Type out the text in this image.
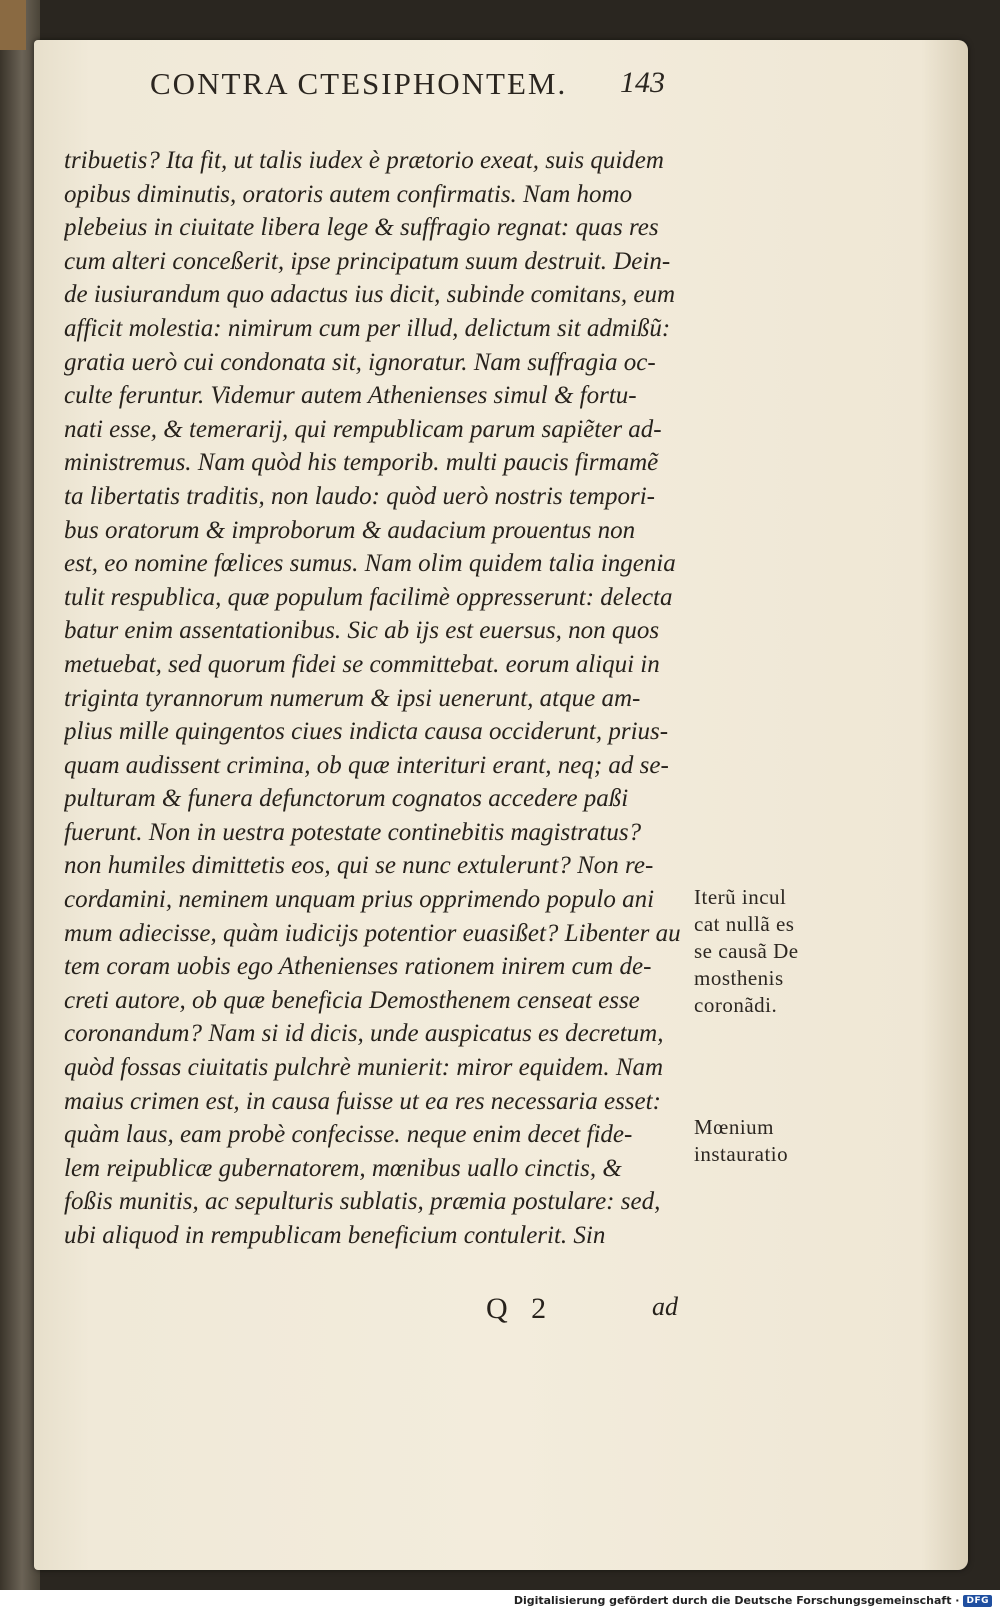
CONTRA CTESIPHONTEM.	143
tribuetis? Ita fit, ut talis iudex è prætorio exeat, suis quidem
opibus diminutis, oratoris autem confirmatis. Nam homo
plebeius in ciuitate libera lege & suffragio regnat: quas res
cum alteri conceßerit, ipse principatum suum destruit. Dein-
de iusiurandum quo adactus ius dicit, subinde comitans, eum
afficit molestia: nimirum cum per illud, delictum sit admißũ:
gratia uerò cui condonata sit, ignoratur. Nam suffragia oc-
culte feruntur. Videmur autem Athenienses simul & fortu-
nati esse, & temerarij, qui rempublicam parum sapiẽter ad-
ministremus. Nam quòd his temporib. multi paucis firmamẽ
ta libertatis traditis, non laudo: quòd uerò nostris tempori-
bus oratorum & improborum & audacium prouentus non
est, eo nomine fœlices sumus. Nam olim quidem talia ingenia
tulit respublica, quæ populum facilimè oppresserunt: delecta
batur enim assentationibus. Sic ab ijs est euersus, non quos
metuebat, sed quorum fidei se committebat. eorum aliqui in
triginta tyrannorum numerum & ipsi uenerunt, atque am-
plius mille quingentos ciues indicta causa occiderunt, prius-
quam audissent crimina, ob quæ interituri erant, neq; ad se-
pulturam & funera defunctorum cognatos accedere paßi
fuerunt. Non in uestra potestate continebitis magistratus?
non humiles dimittetis eos, qui se nunc extulerunt? Non re-
cordamini, neminem unquam prius opprimendo populo ani
mum adiecisse, quàm iudicijs potentior euasißet? Libenter au
tem coram uobis ego Athenienses rationem inirem cum de-
creti autore, ob quæ beneficia Demosthenem censeat esse
coronandum? Nam si id dicis, unde auspicatus es decretum,
quòd fossas ciuitatis pulchrè munierit: miror equidem. Nam
maius crimen est, in causa fuisse ut ea res necessaria esset:
quàm laus, eam probè confecisse. neque enim decet fide-
lem reipublicæ gubernatorem, mœnibus uallo cinctis, &
foßis munitis, ac sepulturis sublatis, præmia postulare: sed,
ubi aliquod in rempublicam beneficium contulerit. Sin
Iterũ incul
cat nullã es
se causã De
mosthenis
coronãdi.
Mœnium
instauratio
Q 2	ad
Digitalisierung gefördert durch die Deutsche Forschungsgemeinschaft · DFG
